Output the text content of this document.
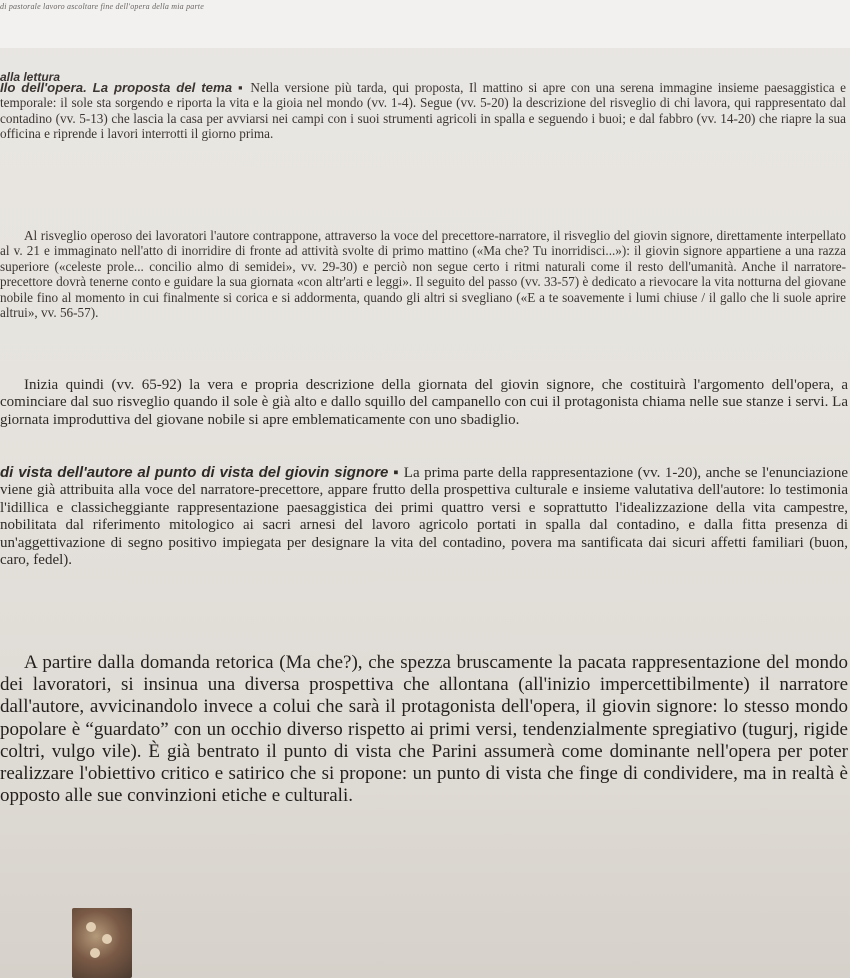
di pastorale lavoro ascoltare fine dell'opera della mia parte
alla lettura

Ilo dell'opera. La proposta del tema ▪ Nella versione più tarda, qui proposta, Il mattino si apre con una serena immagine insieme paesaggistica e temporale: il sole sta sorgendo e riporta la vita e la gioia nel mondo (vv. 1-4). Segue (vv. 5-20) la descrizione del risveglio di chi lavora, qui rappresentato dal contadino (vv. 5-13) che lascia la casa per avviarsi nei campi con i suoi strumenti agricoli in spalla e seguendo i buoi; e dal fabbro (vv. 14-20) che riapre la sua officina e riprende i lavori interrotti il giorno prima.

Al risveglio operoso dei lavoratori l'autore contrappone, attraverso la voce del precettore-narratore, il risveglio del giovin signore, direttamente interpellato al v. 21 e immaginato nell'atto di inorridire di fronte ad attività svolte di primo mattino («Ma che? Tu inorridisci...»): il giovin signore appartiene a una razza superiore («celeste prole... concilio almo di semidei», vv. 29-30) e perciò non segue certo i ritmi naturali come il resto dell'umanità. Anche il narratore-precettore dovrà tenerne conto e guidare la sua giornata «con altr'arti e leggi». Il seguito del passo (vv. 33-57) è dedicato a rievocare la vita notturna del giovane nobile fino al momento in cui finalmente si corica e si addormenta, quando gli altri si svegliano («E a te soavemente i lumi chiuse / il gallo che li suole aprire altrui», vv. 56-57).

Inizia quindi (vv. 65-92) la vera e propria descrizione della giornata del giovin signore, che costituirà l'argomento dell'opera, a cominciare dal suo risveglio quando il sole è già alto e dallo squillo del campanello con cui il protagonista chiama nelle sue stanze i servi. La giornata improduttiva del giovane nobile si apre emblematicamente con uno sbadiglio.

di vista dell'autore al punto di vista del giovin signore ▪ La prima parte della rappresentazione (vv. 1-20), anche se l'enunciazione viene già attribuita alla voce del narratore-precettore, appare frutto della prospettiva culturale e insieme valutativa dell'autore: lo testimonia l'idillica e classicheggiante rappresentazione paesaggistica dei primi quattro versi e soprattutto l'idealizzazione della vita campestre, nobilitata dal riferimento mitologico ai sacri arnesi del lavoro agricolo portati in spalla dal contadino, e dalla fitta presenza di un'aggettivazione di segno positivo impiegata per designare la vita del contadino, povera ma santificata dai sicuri affetti familiari (buon, caro, fedel).

A partire dalla domanda retorica (Ma che?), che spezza bruscamente la pacata rappresentazione del mondo dei lavoratori, si insinua una diversa prospettiva che allontana (all'inizio impercettibilmente) il narratore dall'autore, avvicinandolo invece a colui che sarà il protagonista dell'opera, il giovin signore: lo stesso mondo popolare è “guardato” con un occhio diverso rispetto ai primi versi, tendenzialmente spregiativo (tugurj, rigide coltri, vulgo vile). È già bentrato il punto di vista che Parini assumerà come dominante nell'opera per poter realizzare l'obiettivo critico e satirico che si propone: un punto di vista che finge di condividere, ma in realtà è opposto alle sue convinzioni etiche e culturali.
